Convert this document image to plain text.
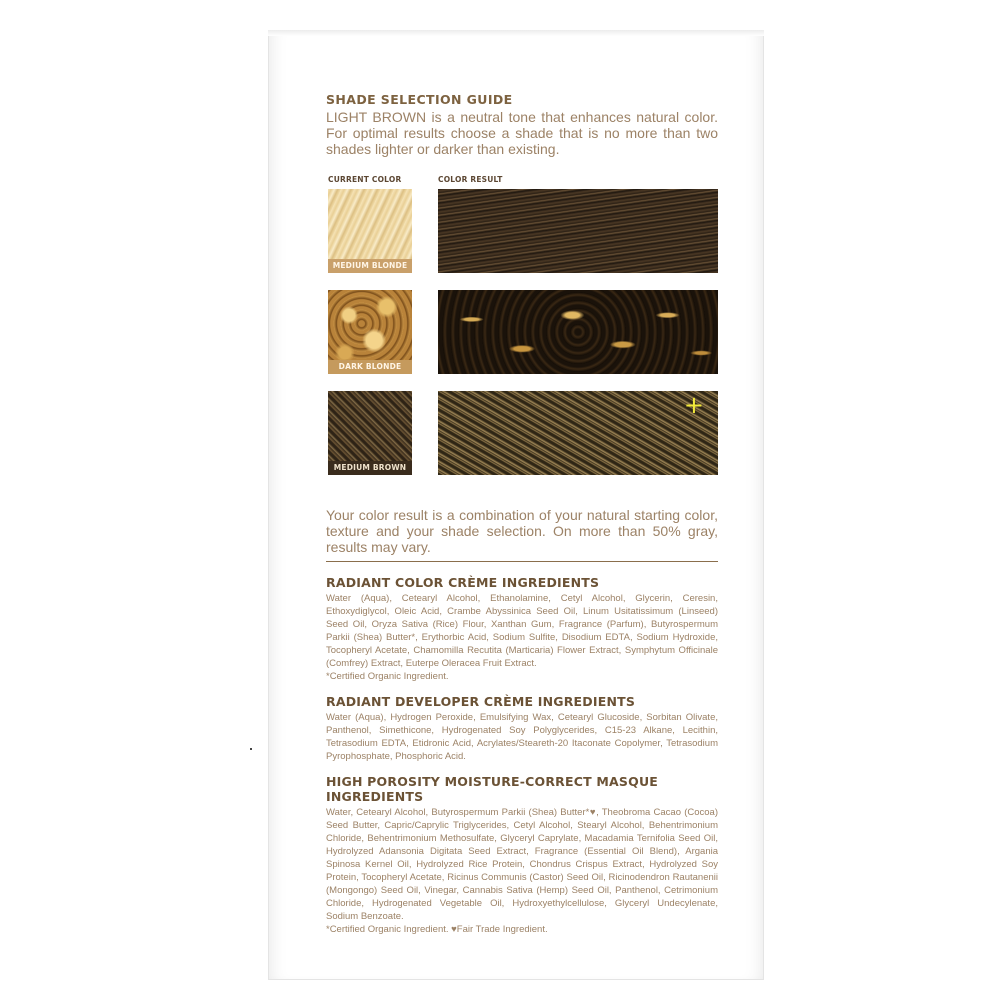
SHADE SELECTION GUIDE

LIGHT BROWN is a neutral tone that enhances natural color. For optimal results choose a shade that is no more than two shades lighter or darker than existing.

CURRENT COLOR	COLOR RESULT
MEDIUM BLONDE
DARK BLONDE
MEDIUM BROWN
+

Your color result is a combination of your natural starting color, texture and your shade selection. On more than 50% gray, results may vary.

RADIANT COLOR CRÈME INGREDIENTS

Water (Aqua), Cetearyl Alcohol, Ethanolamine, Cetyl Alcohol, Glycerin, Ceresin, Ethoxydiglycol, Oleic Acid, Crambe Abyssinica Seed Oil, Linum Usitatissimum (Linseed) Seed Oil, Oryza Sativa (Rice) Flour, Xanthan Gum, Fragrance (Parfum), Butyrospermum Parkii (Shea) Butter*, Erythorbic Acid, Sodium Sulfite, Disodium EDTA, Sodium Hydroxide, Tocopheryl Acetate, Chamomilla Recutita (Marticaria) Flower Extract, Symphytum Officinale (Comfrey) Extract, Euterpe Oleracea Fruit Extract.

*Certified Organic Ingredient.

RADIANT DEVELOPER CRÈME INGREDIENTS

Water (Aqua), Hydrogen Peroxide, Emulsifying Wax, Cetearyl Glucoside, Sorbitan Olivate, Panthenol, Simethicone, Hydrogenated Soy Polyglycerides, C15-23 Alkane, Lecithin, Tetrasodium EDTA, Etidronic Acid, Acrylates/Steareth-20 Itaconate Copolymer, Tetrasodium Pyrophosphate, Phosphoric Acid.

HIGH POROSITY MOISTURE-CORRECT MASQUE INGREDIENTS

Water, Cetearyl Alcohol, Butyrospermum Parkii (Shea) Butter*♥, Theobroma Cacao (Cocoa) Seed Butter, Capric/Caprylic Triglycerides, Cetyl Alcohol, Stearyl Alcohol, Behentrimonium Chloride, Behentrimonium Methosulfate, Glyceryl Caprylate, Macadamia Ternifolia Seed Oil, Hydrolyzed Adansonia Digitata Seed Extract, Fragrance (Essential Oil Blend), Argania Spinosa Kernel Oil, Hydrolyzed Rice Protein, Chondrus Crispus Extract, Hydrolyzed Soy Protein, Tocopheryl Acetate, Ricinus Communis (Castor) Seed Oil, Ricinodendron Rautanenii (Mongongo) Seed Oil, Vinegar, Cannabis Sativa (Hemp) Seed Oil, Panthenol, Cetrimonium Chloride, Hydrogenated Vegetable Oil, Hydroxyethylcellulose, Glyceryl Undecylenate, Sodium Benzoate.

*Certified Organic Ingredient. ♥Fair Trade Ingredient.
